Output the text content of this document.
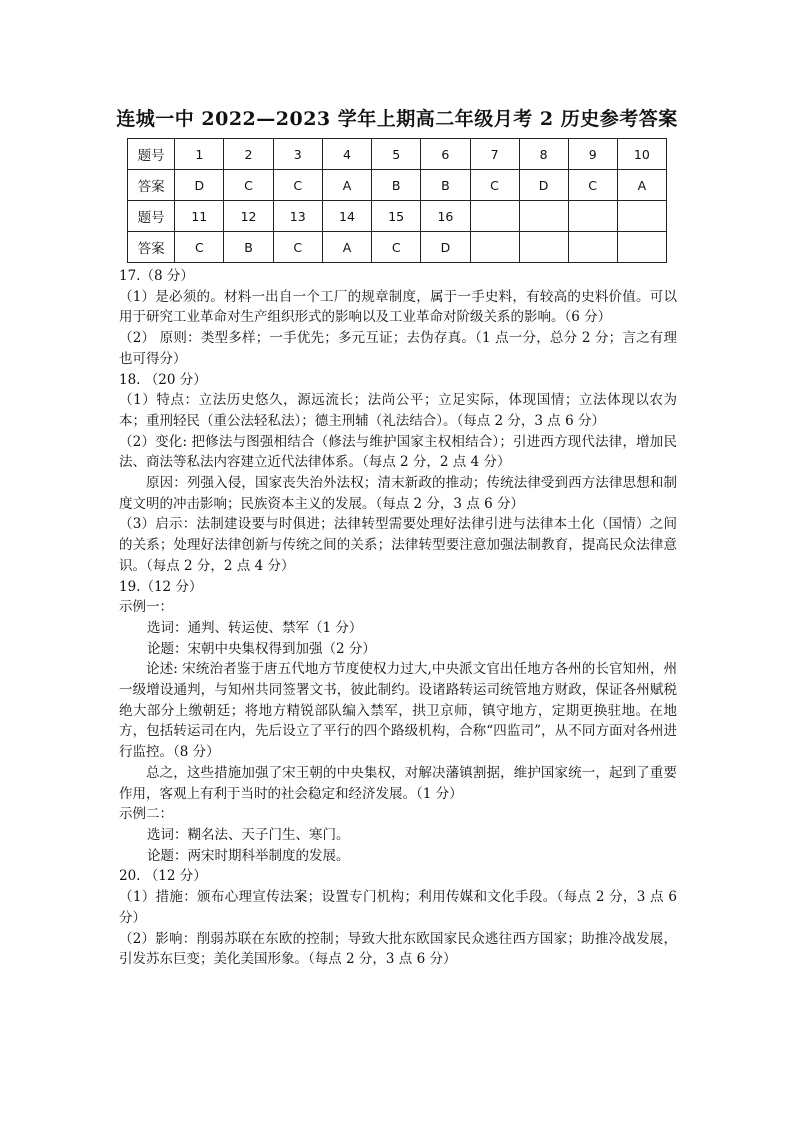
连城一中 2022—2023 学年上期高二年级月考 2 历史参考答案
题号	1	2	3	4	5	6	7	8	9	10
答案	D	C	C	A	B	B	C	D	C	A
题号	11	12	13	14	15	16				
答案	C	B	C	A	C	D				

17.（8 分）

（1）是必须的。材料一出自一个工厂的规章制度，属于一手史料，有较高的史料价值。可以用于研究工业革命对生产组织形式的影响以及工业革命对阶级关系的影响。（6 分）

（2） 原则：类型多样；一手优先；多元互证；去伪存真。（1 点一分，总分 2 分；言之有理也可得分）

18. （20 分）

（1）特点：立法历史悠久，源远流长；法尚公平；立足实际，体现国情；立法体现以农为本；重刑轻民（重公法轻私法）；德主刑辅（礼法结合）。（每点 2 分，3 点 6 分）

（2）变化: 把修法与图强相结合（修法与维护国家主权相结合）；引进西方现代法律，增加民法、商法等私法内容建立近代法律体系。（每点 2 分，2 点 4 分）

原因：列强入侵，国家丧失治外法权；清末新政的推动；传统法律受到西方法律思想和制度文明的冲击影响；民族资本主义的发展。（每点 2 分，3 点 6 分）

（3）启示：法制建设要与时俱进；法律转型需要处理好法律引进与法律本土化（国情）之间的关系；处理好法律创新与传统之间的关系；法律转型要注意加强法制教育，提高民众法律意识。（每点 2 分，2 点 4 分）

19.（12 分）

示例一：

选词：通判、转运使、禁军（1 分）

论题：宋朝中央集权得到加强（2 分）

论述: 宋统治者鉴于唐五代地方节度使权力过大,中央派文官出任地方各州的长官知州，州一级增设通判，与知州共同签署文书，彼此制约。设诸路转运司统管地方财政，保证各州赋税绝大部分上缴朝廷；将地方精锐部队编入禁军，拱卫京师，镇守地方，定期更换驻地。在地方，包括转运司在内，先后设立了平行的四个路级机构，合称“四监司”，从不同方面对各州进行监控。（8 分）

总之，这些措施加强了宋王朝的中央集权，对解决藩镇割据，维护国家统一，起到了重要作用，客观上有利于当时的社会稳定和经济发展。（1 分）

示例二：

选词：糊名法、天子门生、寒门。

论题：两宋时期科举制度的发展。

20. （12 分）

（1）措施：颁布心理宣传法案；设置专门机构；利用传媒和文化手段。（每点 2 分，3 点 6 分）

（2）影响：削弱苏联在东欧的控制；导致大批东欧国家民众逃往西方国家；助推冷战发展，引发苏东巨变；美化美国形象。（每点 2 分，3 点 6 分）
